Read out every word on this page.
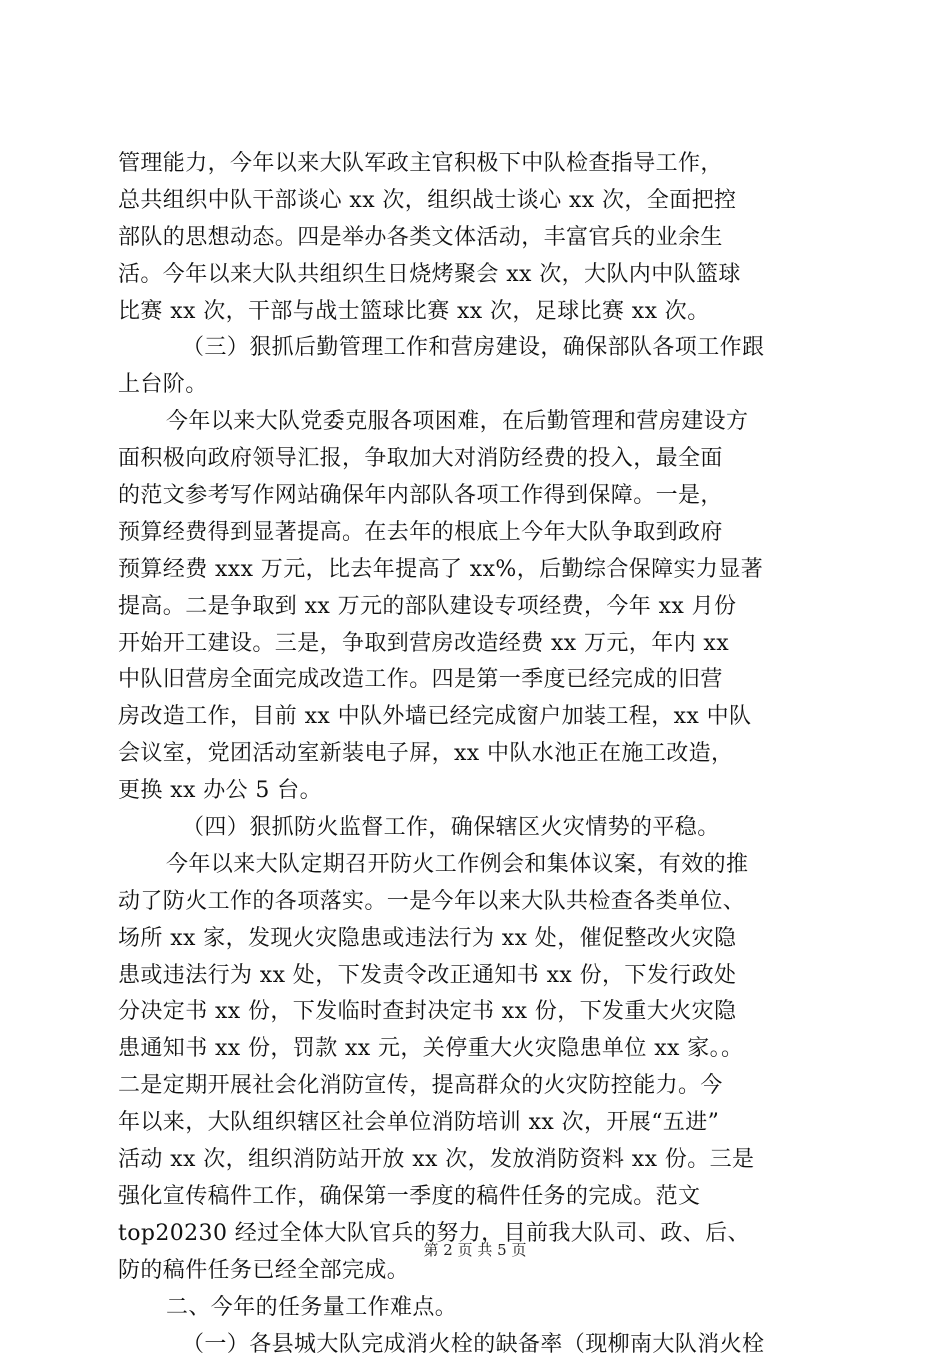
管理能力，今年以来大队军政主官积极下中队检查指导工作，
总共组织中队干部谈心 xx 次，组织战士谈心 xx 次，全面把控
部队的思想动态。四是举办各类文体活动，丰富官兵的业余生
活。今年以来大队共组织生日烧烤聚会 xx 次，大队内中队篮球
比赛 xx 次，干部与战士篮球比赛 xx 次，足球比赛 xx 次。
（三）狠抓后勤管理工作和营房建设，确保部队各项工作跟
上台阶。
今年以来大队党委克服各项困难，在后勤管理和营房建设方
面积极向政府领导汇报，争取加大对消防经费的投入，最全面
的范文参考写作网站确保年内部队各项工作得到保障。一是，
预算经费得到显著提高。在去年的根底上今年大队争取到政府
预算经费 xxx 万元，比去年提高了 xx%，后勤综合保障实力显著
提高。二是争取到 xx 万元的部队建设专项经费，今年 xx 月份
开始开工建设。三是，争取到营房改造经费 xx 万元，年内 xx
中队旧营房全面完成改造工作。四是第一季度已经完成的旧营
房改造工作，目前 xx 中队外墙已经完成窗户加装工程，xx 中队
会议室，党团活动室新装电子屏，xx 中队水池正在施工改造，
更换 xx 办公 5 台。
（四）狠抓防火监督工作，确保辖区火灾情势的平稳。
今年以来大队定期召开防火工作例会和集体议案，有效的推
动了防火工作的各项落实。一是今年以来大队共检查各类单位、
场所 xx 家，发现火灾隐患或违法行为 xx 处，催促整改火灾隐
患或违法行为 xx 处，下发责令改正通知书 xx 份，下发行政处
分决定书 xx 份，下发临时查封决定书 xx 份，下发重大火灾隐
患通知书 xx 份，罚款 xx 元，关停重大火灾隐患单位 xx 家。。
二是定期开展社会化消防宣传，提高群众的火灾防控能力。今
年以来，大队组织辖区社会单位消防培训 xx 次，开展“五进”
活动 xx 次，组织消防站开放 xx 次，发放消防资料 xx 份。三是
强化宣传稿件工作，确保第一季度的稿件任务的完成。范文
top20230 经过全体大队官兵的努力，目前我大队司、政、后、
防的稿件任务已经全部完成。
二、今年的任务量工作难点。
（一）各县城大队完成消火栓的缺备率（现柳南大队消火栓
第 2 页 共 5 页
